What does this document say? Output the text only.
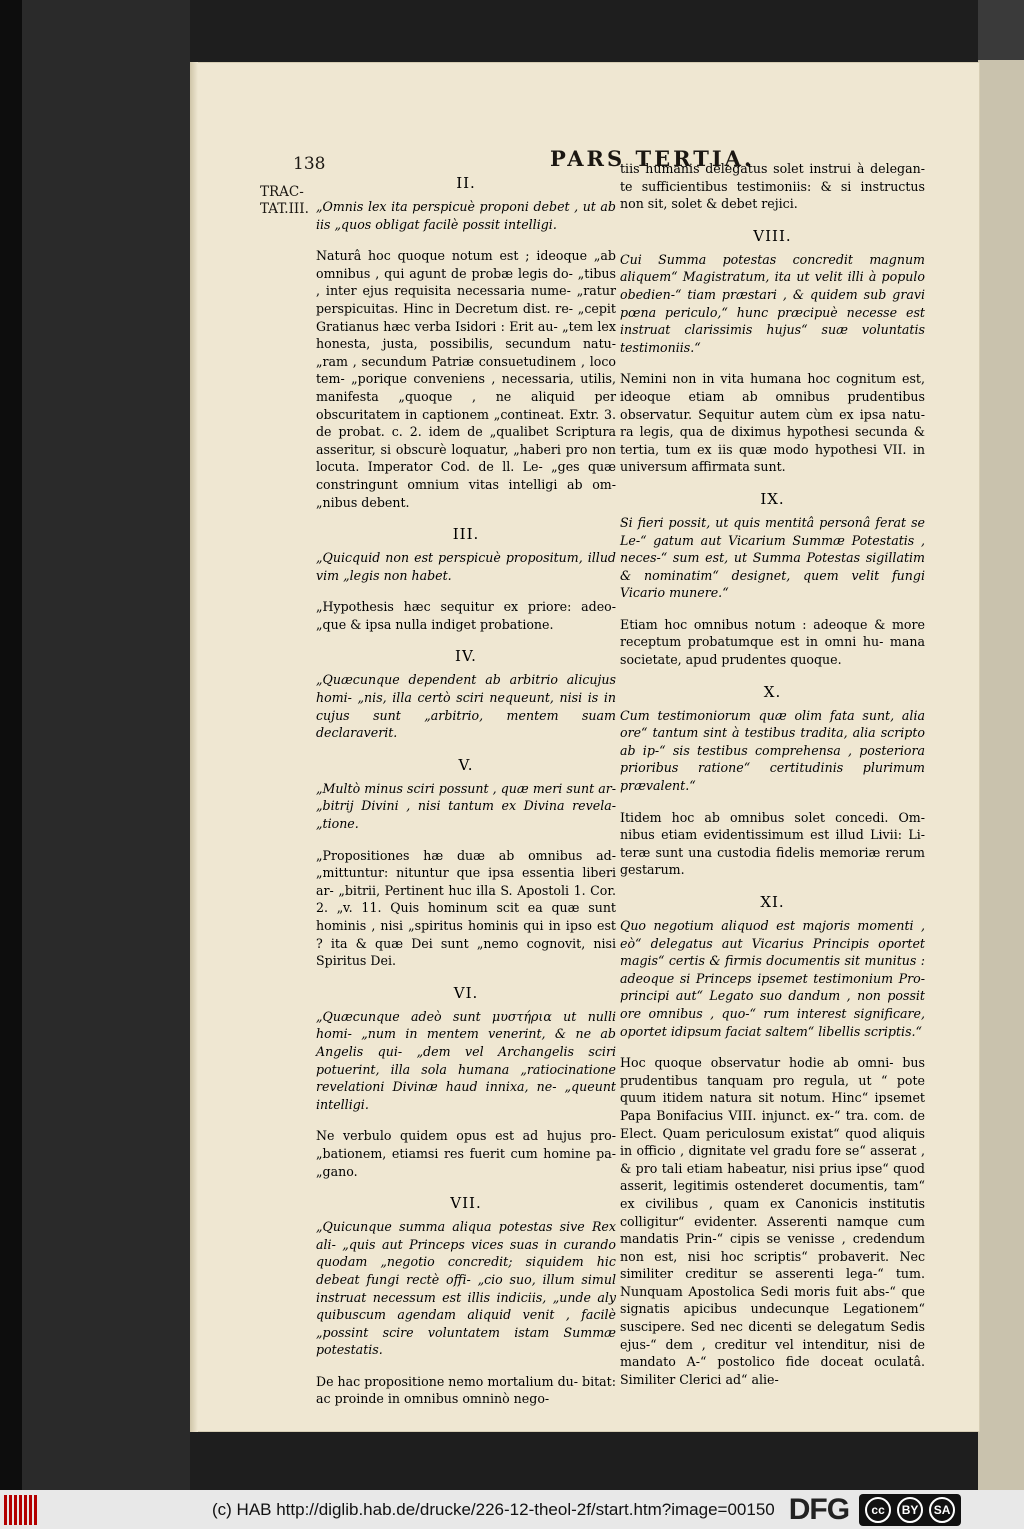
138	PARS TERTIA.
TRAC-
TAT.III.
II.
„Omnis lex ita perspicuè proponi debet , ut ab iis „quos obligat facilè possit intelligi.
Naturâ hoc quoque notum est ; ideoque „ab omnibus , qui agunt de probæ legis do- „tibus , inter ejus requisita necessaria nume- „ratur perspicuitas. Hinc in Decretum dist. re- „cepit Gratianus hæc verba Isidori : Erit au- „tem lex honesta, justa, possibilis, secundum natu- „ram , secundum Patriæ consuetudinem , loco tem- „porique conveniens , necessaria, utilis, manifesta „quoque , ne aliquid per obscuritatem in captionem „contineat. Extr. 3. de probat. c. 2. idem de „qualibet Scriptura asseritur, si obscurè loquatur, „haberi pro non locuta. Imperator Cod. de ll. Le- „ges quæ constringunt omnium vitas intelligi ab om- „nibus debent.
III.
„Quicquid non est perspicuè propositum, illud vim „legis non habet.
„Hypothesis hæc sequitur ex priore: adeo- „que & ipsa nulla indiget probatione.
IV.
„Quæcunque dependent ab arbitrio alicujus homi- „nis, illa certò sciri nequeunt, nisi is in cujus sunt „arbitrio, mentem suam declaraverit.
V.
„Multò minus sciri possunt , quæ meri sunt ar- „bitrij Divini , nisi tantum ex Divina revela- „tione.
„Propositiones hæ duæ ab omnibus ad- „mittuntur: nituntur que ipsa essentia liberi ar- „bitrii, Pertinent huc illa S. Apostoli 1. Cor. 2. „v. 11. Quis hominum scit ea quæ sunt hominis , nisi „spiritus hominis qui in ipso est ? ita & quæ Dei sunt „nemo cognovit, nisi Spiritus Dei.
VI.
„Quæcunque adeò sunt μυστήρια ut nulli homi- „num in mentem venerint, & ne ab Angelis qui- „dem vel Archangelis sciri potuerint, illa sola humana „ratiocinatione revelationi Divinæ haud innixa, ne- „queunt intelligi.
Ne verbulo quidem opus est ad hujus pro- „bationem, etiamsi res fuerit cum homine pa- „gano.
VII.
„Quicunque summa aliqua potestas sive Rex ali- „quis aut Princeps vices suas in curando quodam „negotio concredit; siquidem hic debeat fungi rectè offi- „cio suo, illum simul instruat necessum est illis indiciis, „unde aly quibuscum agendam aliquid venit , facilè „possint scire voluntatem istam Summæ potestatis.
De hac propositione nemo mortalium du- bitat: ac proinde in omnibus omninò nego-
tiis humanis delegatus solet instrui à delegan- te sufficientibus testimoniis: & si instructus non sit, solet & debet rejici.
VIII.
Cui Summa potestas concredit magnum aliquem“ Magistratum, ita ut velit illi à populo obedien-“ tiam præstari , & quidem sub gravi pœna periculo,“ hunc præcipuè necesse est instruat clarissimis hujus“ suæ voluntatis testimoniis.“
Nemini non in vita humana hoc cognitum est, ideoque etiam ab omnibus prudentibus observatur. Sequitur autem cùm ex ipsa natu- ra legis, qua de diximus hypothesi secunda & tertia, tum ex iis quæ modo hypothesi VII. in universum affirmata sunt.
IX.
Si fieri possit, ut quis mentitâ personâ ferat se Le-“ gatum aut Vicarium Summæ Potestatis , neces-“ sum est, ut Summa Potestas sigillatim & nominatim“ designet, quem velit fungi Vicario munere.“
Etiam hoc omnibus notum : adeoque & more receptum probatumque est in omni hu- mana societate, apud prudentes quoque.
X.
Cum testimoniorum quæ olim fata sunt, alia ore“ tantum sint à testibus tradita, alia scripto ab ip-“ sis testibus comprehensa , posteriora prioribus ratione“ certitudinis plurimum prævalent.“
Itidem hoc ab omnibus solet concedi. Om- nibus etiam evidentissimum est illud Livii: Li- teræ sunt una custodia fidelis memoriæ rerum gestarum.
XI.
Quo negotium aliquod est majoris momenti , eò“ delegatus aut Vicarius Principis oportet magis“ certis & firmis documentis sit munitus : adeoque si Princeps ipsemet testimonium Pro-principi aut“ Legato suo dandum , non possit ore omnibus , quo-“ rum interest significare, oportet idipsum faciat saltem“ libellis scriptis.“
Hoc quoque observatur hodie ab omni- bus prudentibus tanquam pro regula, ut “ pote quum itidem natura sit notum. Hinc“ ipsemet Papa Bonifacius VIII. injunct. ex-“ tra. com. de Elect. Quam periculosum existat“ quod aliquis in officio , dignitate vel gradu fore se“ asserat , & pro tali etiam habeatur, nisi prius ipse“ quod asserit, legitimis ostenderet documentis, tam“ ex civilibus , quam ex Canonicis institutis colligitur“ evidenter. Asserenti namque cum mandatis Prin-“ cipis se venisse , credendum non est, nisi hoc scriptis“ probaverit. Nec similiter creditur se asserenti lega-“ tum. Nunquam Apostolica Sedi moris fuit abs-“ que signatis apicibus undecunque Legationem“ suscipere. Sed nec dicenti se delegatum Sedis ejus-“ dem , creditur vel intenditur, nisi de mandato A-“ postolico fide doceat oculatâ. Similiter Clerici ad“ alie-
(c) HAB http://diglib.hab.de/drucke/226-12-theol-2f/start.htm?image=00150 DFG	cc	BY	SA
